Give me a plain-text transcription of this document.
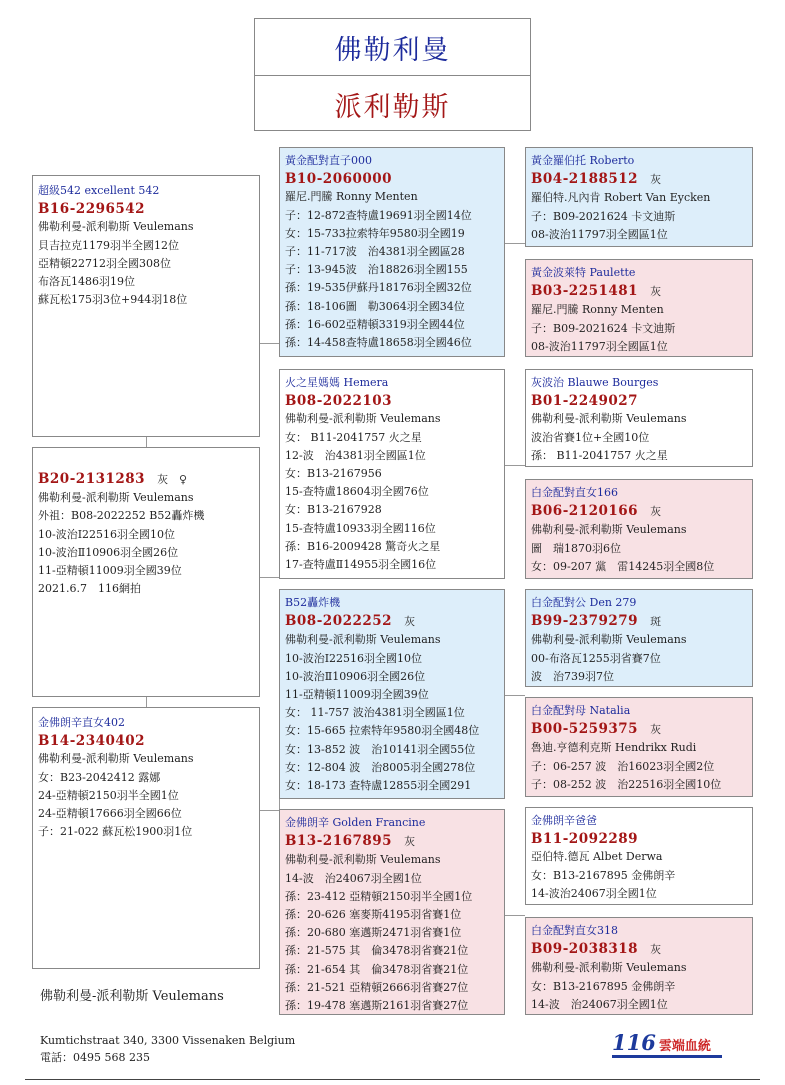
佛勒利曼
派利勒斯
超級542 excellent 542
B16-2296542
佛勒利曼-派利勒斯 Veulemans
貝吉拉克1179羽半全國12位
亞精頓22712羽全國308位
布洛瓦1486羽19位
蘇瓦松175羽3位+944羽18位
B20-2131283 灰　♀
佛勒利曼-派利勒斯 Veulemans
外祖：B08-2022252 B52轟炸機
10-波治Ⅰ22516羽全國10位
10-波治Ⅱ10906羽全國26位
11-亞精頓11009羽全國39位
2021.6.7　116網拍
金佛朗辛直女402
B14-2340402
佛勒利曼-派利勒斯 Veulemans
女：B23-2042412 露娜
24-亞精頓2150羽半全國1位
24-亞精頓17666羽全國66位
子：21-022 蘇瓦松1900羽1位
黃金配對直子000
B10-2060000
羅尼.門騰 Ronny Menten
子：12-872查特盧19691羽全國14位
女：15-733拉索特年9580羽全國19
子：11-717波　治4381羽全國區28
子：13-945波　治18826羽全國155
孫：19-535伊蘇丹18176羽全國32位
孫：18-106圖　勒3064羽全國34位
孫：16-602亞精頓3319羽全國44位
孫：14-458查特盧18658羽全國46位
火之星媽媽 Hemera
B08-2022103
佛勒利曼-派利勒斯 Veulemans
女： B11-2041757 火之星
12-波　治4381羽全國區1位
女：B13-2167956
15-查特盧18604羽全國76位
女：B13-2167928
15-查特盧10933羽全國116位
孫：B16-2009428 驚奇火之星
17-查特盧Ⅱ14955羽全國16位
B52轟炸機
B08-2022252 灰
佛勒利曼-派利勒斯 Veulemans
10-波治Ⅰ22516羽全國10位
10-波治Ⅱ10906羽全國26位
11-亞精頓11009羽全國39位
女： 11-757 波治4381羽全國區1位
女：15-665 拉索特年9580羽全國48位
女：13-852 波　治10141羽全國55位
女：12-804 波　治8005羽全國278位
女：18-173 查特盧12855羽全國291
金佛朗辛 Golden Francine
B13-2167895 灰
佛勒利曼-派利勒斯 Veulemans
14-波　治24067羽全國1位
孫：23-412 亞精頓2150羽半全國1位
孫：20-626 塞麥斯4195羽省賽1位
孫：20-680 塞邁斯2471羽省賽1位
孫：21-575 其　倫3478羽省賽21位
孫：21-654 其　倫3478羽省賽21位
孫：21-521 亞精頓2666羽省賽27位
孫：19-478 塞邁斯2161羽省賽27位
黃金羅伯托 Roberto
B04-2188512 灰
羅伯特.凡內肯 Robert Van Eycken
子：B09-2021624 卡文迪斯
08-波治11797羽全國區1位
黃金波萊特 Paulette
B03-2251481 灰
羅尼.門騰 Ronny Menten
子：B09-2021624 卡文迪斯
08-波治11797羽全國區1位
灰波治 Blauwe Bourges
B01-2249027
佛勒利曼-派利勒斯 Veulemans
波治省賽1位+全國10位
孫： B11-2041757 火之星
白金配對直女166
B06-2120166 灰
佛勒利曼-派利勒斯 Veulemans
圖　瑞1870羽6位
女：09-207 黨　雷14245羽全國8位
白金配對公 Den 279
B99-2379279 斑
佛勒利曼-派利勒斯 Veulemans
00-布洛瓦1255羽省賽7位
波　治739羽7位
白金配對母 Natalia
B00-5259375 灰
魯迪.亨德利克斯 Hendrikx Rudi
子：06-257 波　治16023羽全國2位
子：08-252 波　治22516羽全國10位
金佛朗辛爸爸
B11-2092289
亞伯特.德瓦 Albet Derwa
女：B13-2167895 金佛朗辛
14-波治24067羽全國1位
白金配對直女318
B09-2038318 灰
佛勒利曼-派利勒斯 Veulemans
女：B13-2167895 金佛朗辛
14-波　治24067羽全國1位
佛勒利曼-派利勒斯 Veulemans
Kumtichstraat 340, 3300 Vissenaken Belgium
電話：0495 568 235
116 雲端血統
